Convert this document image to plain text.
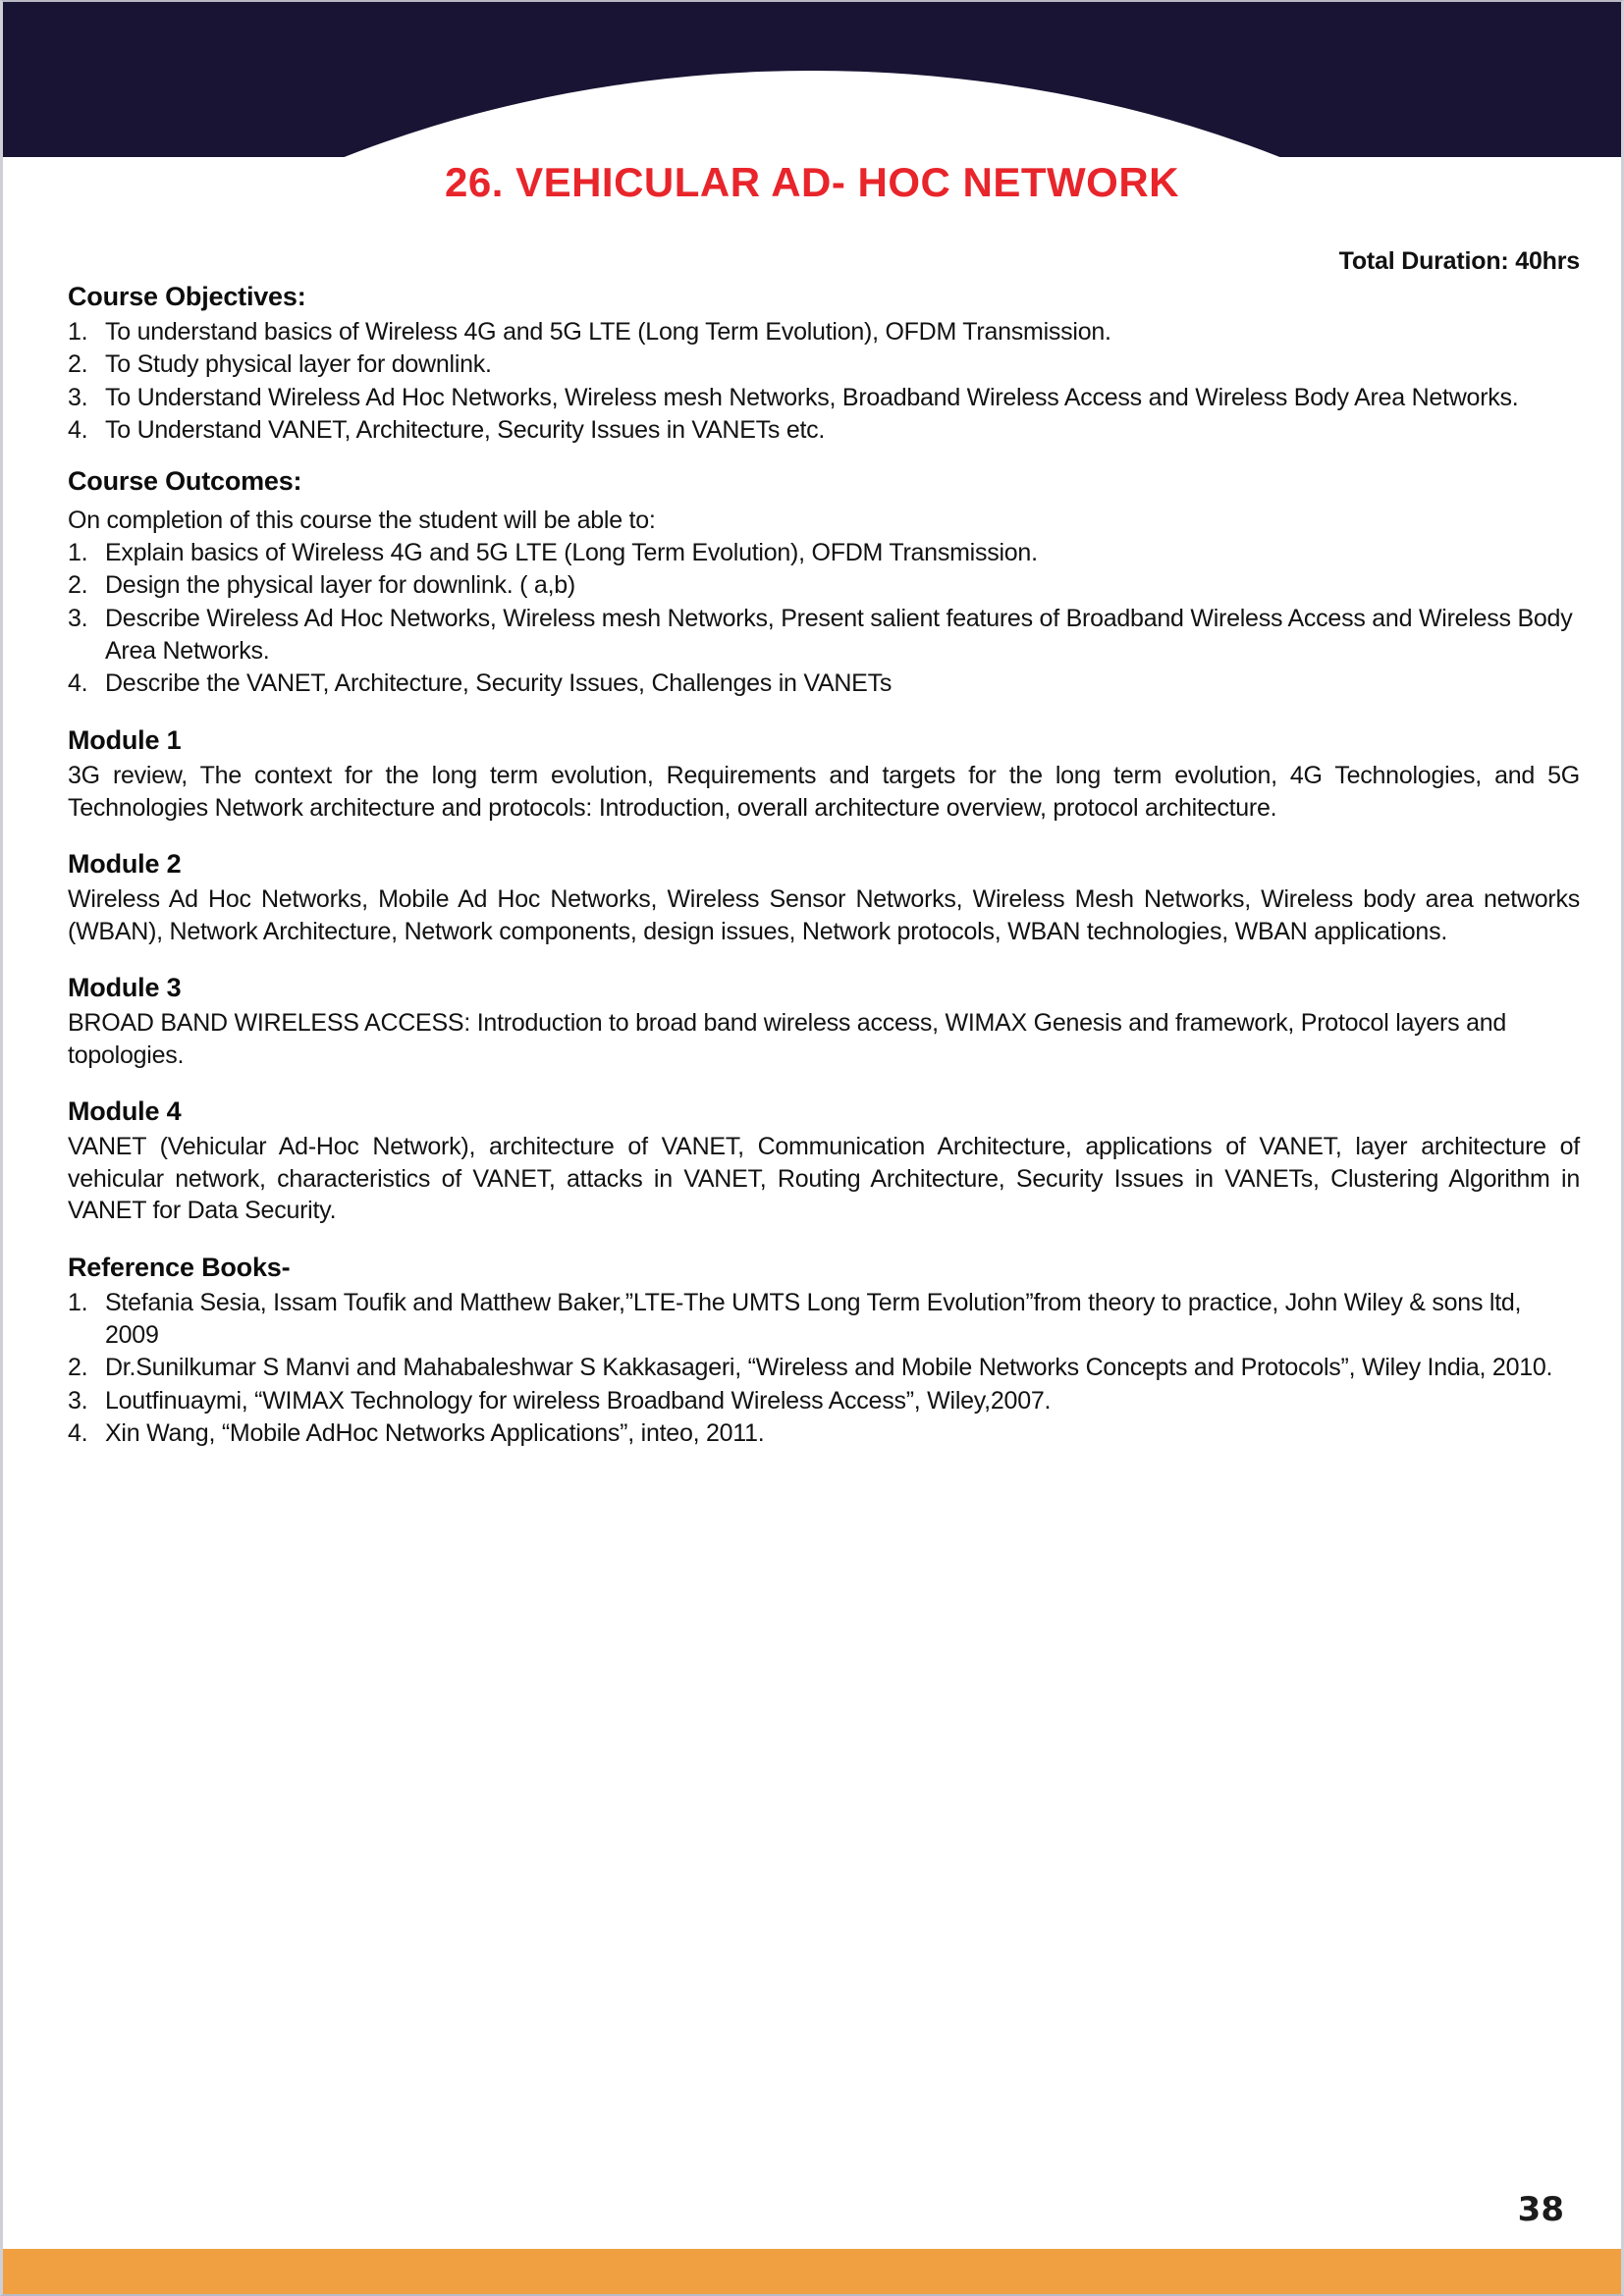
26. VEHICULAR AD- HOC NETWORK
Total Duration: 40hrs
Course Objectives:
1. To understand basics of Wireless 4G and 5G LTE (Long Term Evolution), OFDM Transmission.
2. To Study physical layer for downlink.
3. To Understand Wireless Ad Hoc Networks, Wireless mesh Networks, Broadband Wireless Access and Wireless Body Area Networks.
4. To Understand VANET, Architecture, Security Issues in VANETs etc.
Course Outcomes:
On completion of this course the student will be able to:
1. Explain basics of Wireless 4G and 5G LTE (Long Term Evolution), OFDM Transmission.
2. Design the physical layer for downlink. ( a,b)
3. Describe Wireless Ad Hoc Networks, Wireless mesh Networks, Present salient features of Broadband Wireless Access and Wireless Body Area Networks.
4. Describe the VANET, Architecture, Security Issues, Challenges in VANETs
Module 1
3G review, The context for the long term evolution, Requirements and targets for the long term evolution, 4G Technologies, and 5G Technologies Network architecture and protocols: Introduction, overall architecture overview, protocol architecture.
Module 2
Wireless Ad Hoc Networks, Mobile Ad Hoc Networks, Wireless Sensor Networks, Wireless Mesh Networks, Wireless body area networks (WBAN), Network Architecture, Network components, design issues, Network protocols, WBAN technologies, WBAN applications.
Module 3
BROAD BAND WIRELESS ACCESS: Introduction to broad band wireless access, WIMAX Genesis and framework, Protocol layers and topologies.
Module 4
VANET (Vehicular Ad-Hoc Network), architecture of VANET, Communication Architecture, applications of VANET, layer architecture of vehicular network, characteristics of VANET, attacks in VANET, Routing Architecture, Security Issues in VANETs, Clustering Algorithm in VANET for Data Security.
Reference Books-
1. Stefania Sesia, Issam Toufik and Matthew Baker,”LTE-The UMTS Long Term Evolution”from theory to practice, John Wiley & sons ltd, 2009
2. Dr.Sunilkumar S Manvi and Mahabaleshwar S Kakkasageri, “Wireless and Mobile Networks Concepts and Protocols”, Wiley India, 2010.
3. Loutfinuaymi, “WIMAX Technology for wireless Broadband Wireless Access”, Wiley,2007.
4. Xin Wang, “Mobile AdHoc Networks Applications”, inteo, 2011.
38
